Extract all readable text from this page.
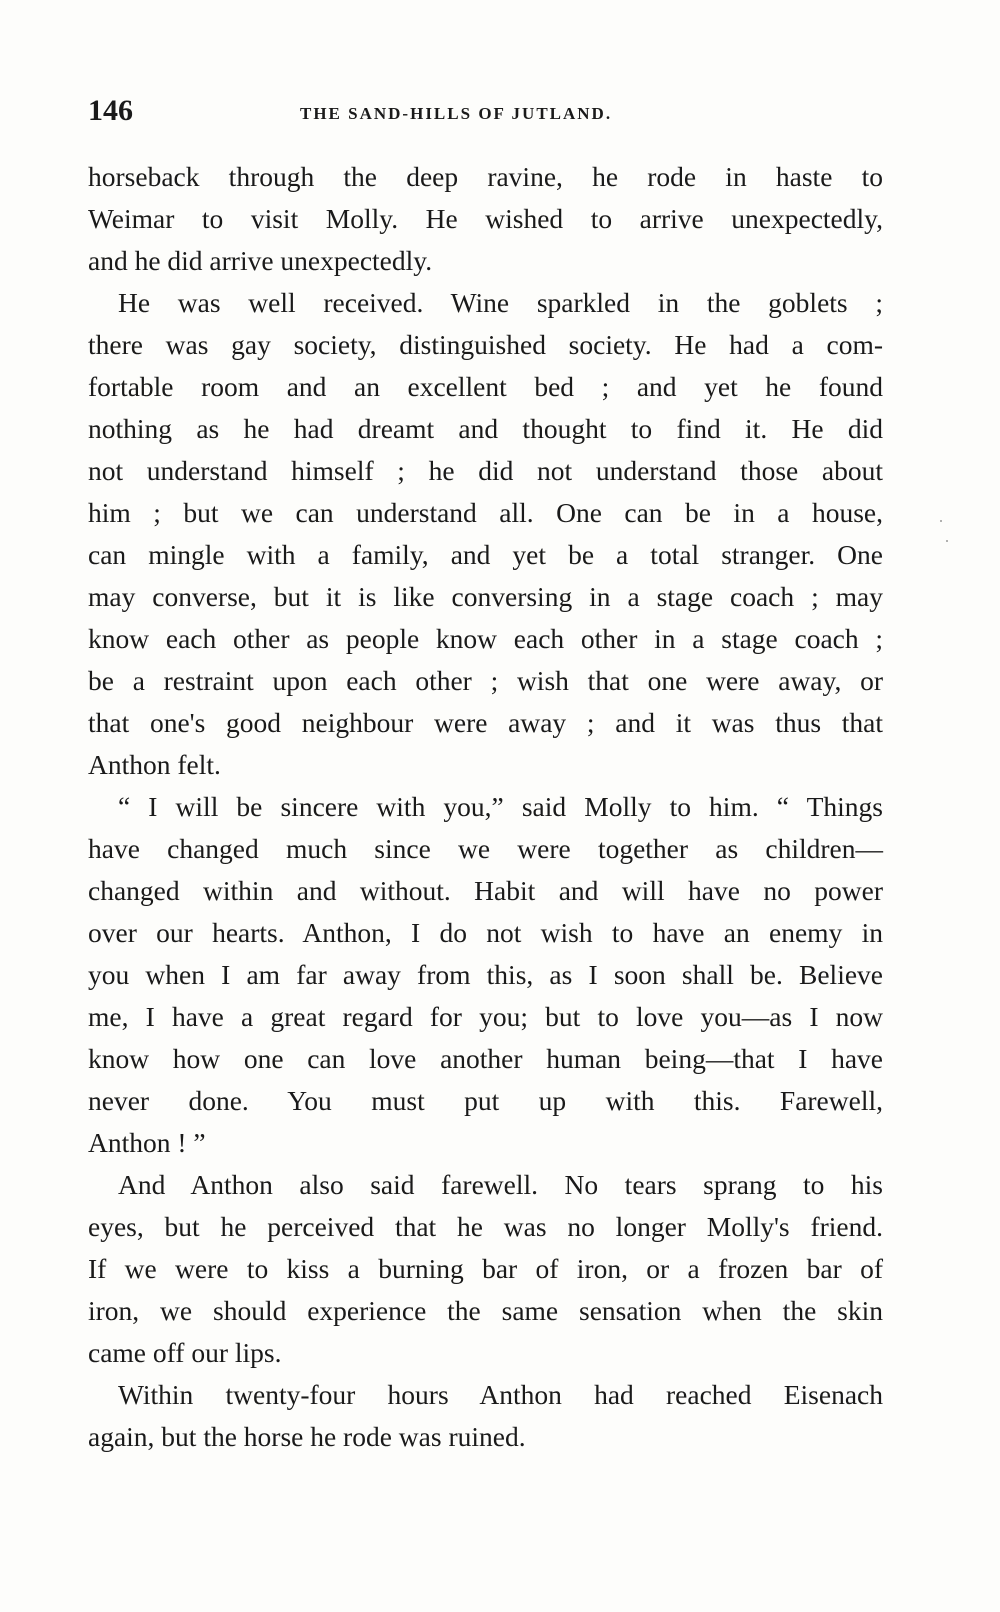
146	THE SAND-HILLS OF JUTLAND.
horseback through the deep ravine, he rode in haste to
Weimar to visit Molly. He wished to arrive unexpectedly,
and he did arrive unexpectedly.
He was well received. Wine sparkled in the goblets ;
there was gay society, distinguished society. He had a com-
fortable room and an excellent bed ; and yet he found
nothing as he had dreamt and thought to find it. He did
not understand himself ; he did not understand those about
him ; but we can understand all. One can be in a house,
can mingle with a family, and yet be a total stranger. One
may converse, but it is like conversing in a stage coach ; may
know each other as people know each other in a stage coach ;
be a restraint upon each other ; wish that one were away, or
that one's good neighbour were away ; and it was thus that
Anthon felt.
“ I will be sincere with you,” said Molly to him. “ Things
have changed much since we were together as children—
changed within and without. Habit and will have no power
over our hearts. Anthon, I do not wish to have an enemy in
you when I am far away from this, as I soon shall be. Believe
me, I have a great regard for you; but to love you—as I now
know how one can love another human being—that I have
never done. You must put up with this. Farewell,
Anthon ! ”
And Anthon also said farewell. No tears sprang to his
eyes, but he perceived that he was no longer Molly's friend.
If we were to kiss a burning bar of iron, or a frozen bar of
iron, we should experience the same sensation when the skin
came off our lips.
Within twenty-four hours Anthon had reached Eisenach
again, but the horse he rode was ruined.
